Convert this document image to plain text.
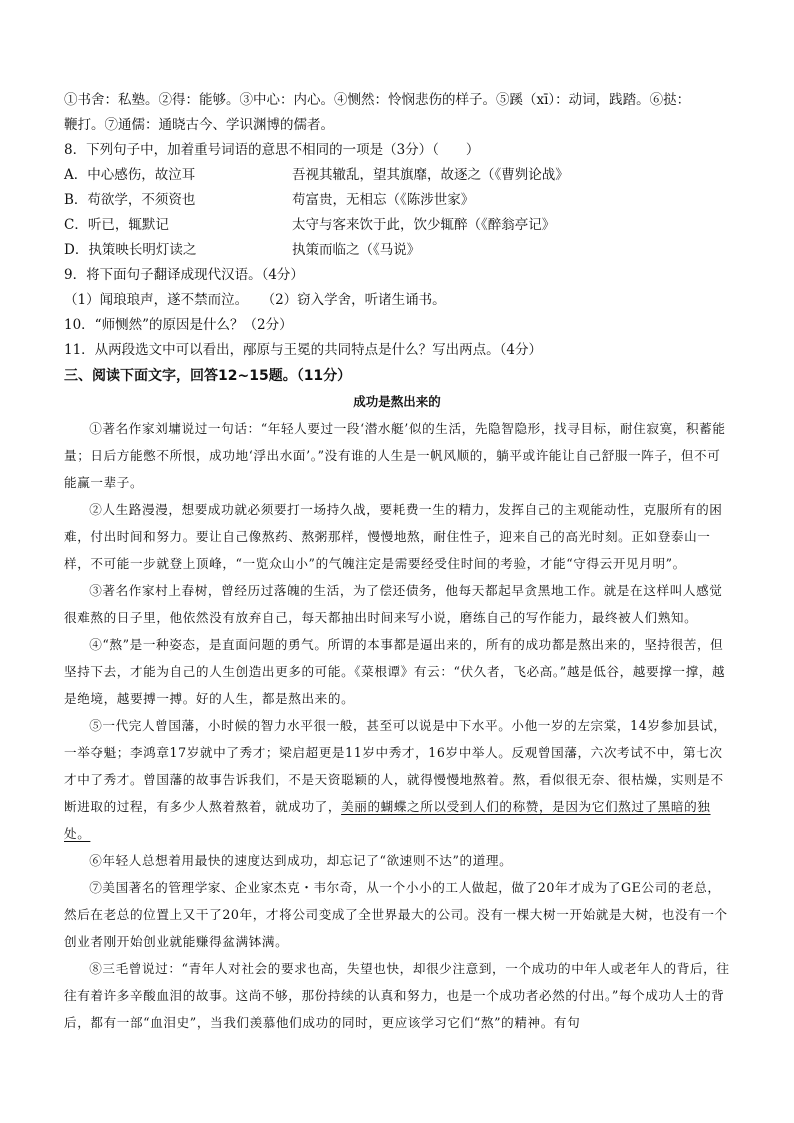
①书舍：私塾。②得：能够。③中心：内心。④恻然：怜悯悲伤的样子。⑤蹊（xī）：动词，践踏。⑥挞：

鞭打。⑦通儒：通晓古今、学识渊博的儒者。

8．下列句子中，加着重号词语的意思不相同的一项是（3分）（　　）

A．中心感伤，故泣耳	吾视其辙乱，望其旗靡，故逐之（《曹刿论战》
B．苟欲学，不须资也	苟富贵，无相忘（《陈涉世家》
C．听已，辄默记	太守与客来饮于此，饮少辄醉（《醉翁亭记》
D．执策映长明灯读之	执策而临之（《马说》

9．将下面句子翻译成现代汉语。（4分）

（1）闻琅琅声，遂不禁而泣。　　（2）窃入学舍，听诸生诵书。

10．“师恻然”的原因是什么？（2分）

11．从两段选文中可以看出，邴原与王冕的共同特点是什么？写出两点。（4分）

三、阅读下面文字，回答12~15题。（11分）

成功是熬出来的

①著名作家刘墉说过一句话：“年轻人要过一段‘潜水艇’似的生活，先隐智隐形，找寻目标，耐住寂寞，积蓄能量；日后方能憋不所恨，成功地‘浮出水面’。”没有谁的人生是一帆风顺的，躺平或许能让自己舒服一阵子，但不可能赢一辈子。

②人生路漫漫，想要成功就必须要打一场持久战，要耗费一生的精力，发挥自己的主观能动性，克服所有的困难，付出时间和努力。要让自己像熬药、熬粥那样，慢慢地熬，耐住性子，迎来自己的高光时刻。正如登泰山一样，不可能一步就登上顶峰，“一览众山小”的气魄注定是需要经受住时间的考验，才能“守得云开见月明”。

③著名作家村上春树，曾经历过落魄的生活，为了偿还债务，他每天都起早贪黑地工作。就是在这样叫人感觉很难熬的日子里，他依然没有放弃自己，每天都抽出时间来写小说，磨练自己的写作能力，最终被人们熟知。

④“熬”是一种姿态，是直面问题的勇气。所谓的本事都是逼出来的，所有的成功都是熬出来的，坚持很苦，但坚持下去，才能为自己的人生创造出更多的可能。《菜根谭》有云：“伏久者，飞必高。”越是低谷，越要撑一撑，越是绝境，越要搏一搏。好的人生，都是熬出来的。

⑤一代完人曾国藩，小时候的智力水平很一般，甚至可以说是中下水平。小他一岁的左宗棠，14岁参加县试，一举夺魁；李鸿章17岁就中了秀才；梁启超更是11岁中秀才，16岁中举人。反观曾国藩，六次考试不中，第七次才中了秀才。曾国藩的故事告诉我们，不是天资聪颖的人，就得慢慢地熬着。熬，看似很无奈、很枯燥，实则是不断进取的过程，有多少人熬着熬着，就成功了，美丽的蝴蝶之所以受到人们的称赞，是因为它们熬过了黑暗的独处。

⑥年轻人总想着用最快的速度达到成功，却忘记了“欲速则不达”的道理。

⑦美国著名的管理学家、企业家杰克・韦尔奇，从一个小小的工人做起，做了20年才成为了GE公司的老总，然后在老总的位置上又干了20年，才将公司变成了全世界最大的公司。没有一棵大树一开始就是大树，也没有一个创业者刚开始创业就能赚得盆满钵满。

⑧三毛曾说过：“青年人对社会的要求也高，失望也快，却很少注意到，一个成功的中年人或老年人的背后，往往有着许多辛酸血泪的故事。这尚不够，那份持续的认真和努力，也是一个成功者必然的付出。”每个成功人士的背后，都有一部“血泪史”，当我们羡慕他们成功的同时，更应该学习它们“熬”的精神。有句
